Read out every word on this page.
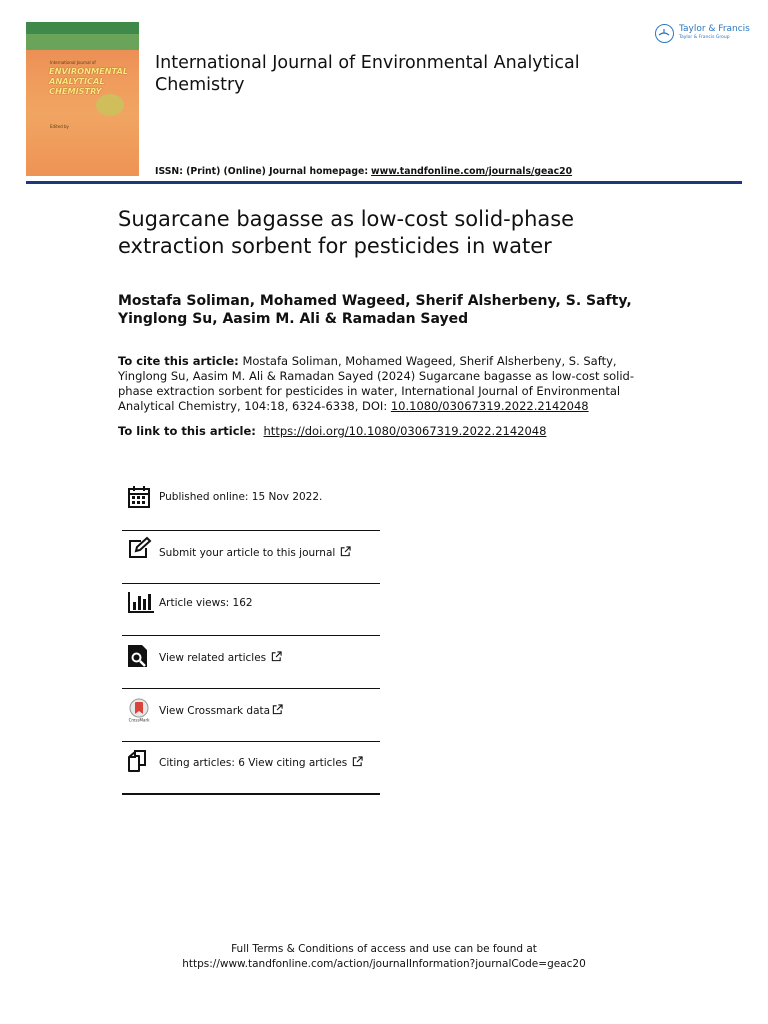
International Journal of
ENVIRONMENTAL
ANALYTICAL
CHEMISTRY
Edited by
International Journal of Environmental Analytical Chemistry
ISSN: (Print) (Online) Journal homepage: www.tandfonline.com/journals/geac20
Taylor & Francis
Taylor & Francis Group
Sugarcane bagasse as low-cost solid-phase extraction sorbent for pesticides in water
Mostafa Soliman, Mohamed Wageed, Sherif Alsherbeny, S. Safty, Yinglong Su, Aasim M. Ali & Ramadan Sayed
To cite this article: Mostafa Soliman, Mohamed Wageed, Sherif Alsherbeny, S. Safty, Yinglong Su, Aasim M. Ali & Ramadan Sayed (2024) Sugarcane bagasse as low-cost solid-phase extraction sorbent for pesticides in water, International Journal of Environmental Analytical Chemistry, 104:18, 6324-6338, DOI: 10.1080/03067319.2022.2142048
To link to this article: https://doi.org/10.1080/03067319.2022.2142048
Published online: 15 Nov 2022.
Submit your article to this journal
Article views: 162
View related articles
CrossMark
View Crossmark data
Citing articles: 6 View citing articles
Full Terms & Conditions of access and use can be found at
https://www.tandfonline.com/action/journalInformation?journalCode=geac20
